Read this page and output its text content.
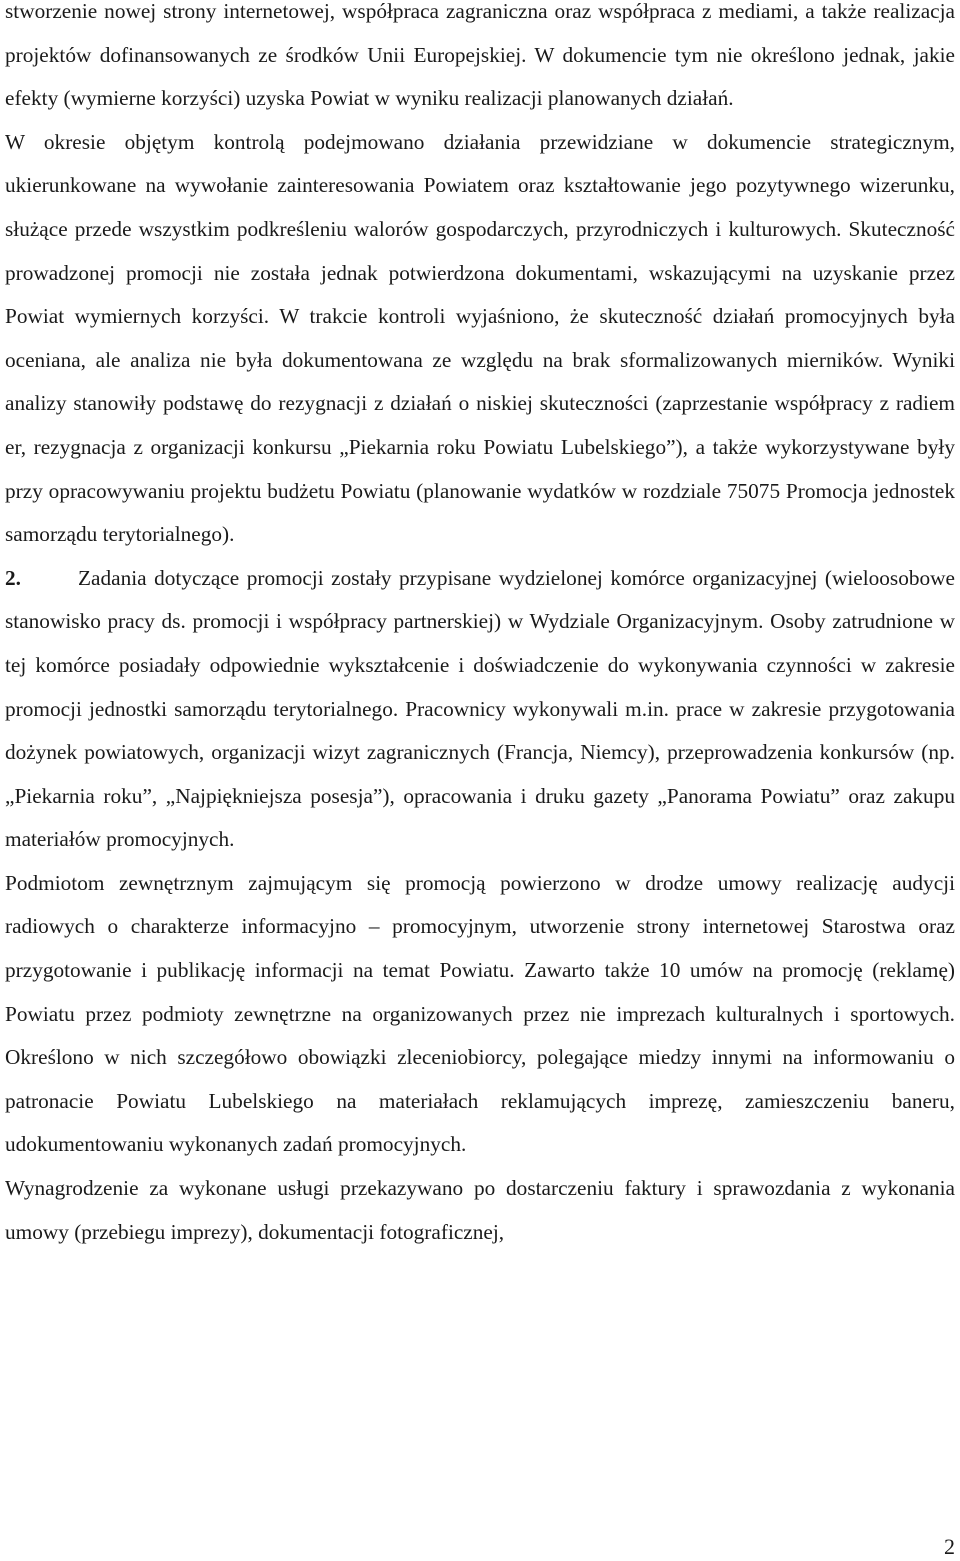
stworzenie nowej strony internetowej, współpraca zagraniczna oraz współpraca z mediami, a także realizacja projektów dofinansowanych ze środków Unii Europejskiej. W dokumencie tym nie określono jednak, jakie efekty (wymierne korzyści) uzyska Powiat w wyniku realizacji planowanych działań.

W okresie objętym kontrolą podejmowano działania przewidziane w dokumencie strategicznym, ukierunkowane na wywołanie zainteresowania Powiatem oraz kształtowanie jego pozytywnego wizerunku, służące przede wszystkim podkreśleniu walorów gospodarczych, przyrodniczych i kulturowych. Skuteczność prowadzonej promocji nie została jednak potwierdzona dokumentami, wskazującymi na uzyskanie przez Powiat wymiernych korzyści. W trakcie kontroli wyjaśniono, że skuteczność działań promocyjnych była oceniana, ale analiza nie była dokumentowana ze względu na brak sformalizowanych mierników. Wyniki analizy stanowiły podstawę do rezygnacji z działań o niskiej skuteczności (zaprzestanie współpracy z radiem er, rezygnacja z organizacji konkursu „Piekarnia roku Powiatu Lubelskiego”), a także wykorzystywane były przy opracowywaniu projektu budżetu Powiatu (planowanie wydatków w rozdziale 75075 Promocja jednostek samorządu terytorialnego).

2.	Zadania dotyczące promocji zostały przypisane wydzielonej komórce organizacyjnej (wieloosobowe stanowisko pracy ds. promocji i współpracy partnerskiej) w Wydziale Organizacyjnym. Osoby zatrudnione w tej komórce posiadały odpowiednie wykształcenie i doświadczenie do wykonywania czynności w zakresie promocji jednostki samorządu terytorialnego. Pracownicy wykonywali m.in. prace w zakresie przygotowania dożynek powiatowych, organizacji wizyt zagranicznych (Francja, Niemcy), przeprowadzenia konkursów (np. „Piekarnia roku”, „Najpiękniejsza posesja”), opracowania i druku gazety „Panorama Powiatu” oraz zakupu materiałów promocyjnych.

Podmiotom zewnętrznym zajmującym się promocją powierzono w drodze umowy realizację audycji radiowych o charakterze informacyjno – promocyjnym, utworzenie strony internetowej Starostwa oraz przygotowanie i publikację informacji na temat Powiatu. Zawarto także 10 umów na promocję (reklamę) Powiatu przez podmioty zewnętrzne na organizowanych przez nie imprezach kulturalnych i sportowych. Określono w nich szczegółowo obowiązki zleceniobiorcy, polegające miedzy innymi na informowaniu o patronacie Powiatu Lubelskiego na materiałach reklamujących imprezę, zamieszczeniu baneru, udokumentowaniu wykonanych zadań promocyjnych.

Wynagrodzenie za wykonane usługi przekazywano po dostarczeniu faktury i sprawozdania z wykonania umowy (przebiegu imprezy), dokumentacji fotograficznej,

2
